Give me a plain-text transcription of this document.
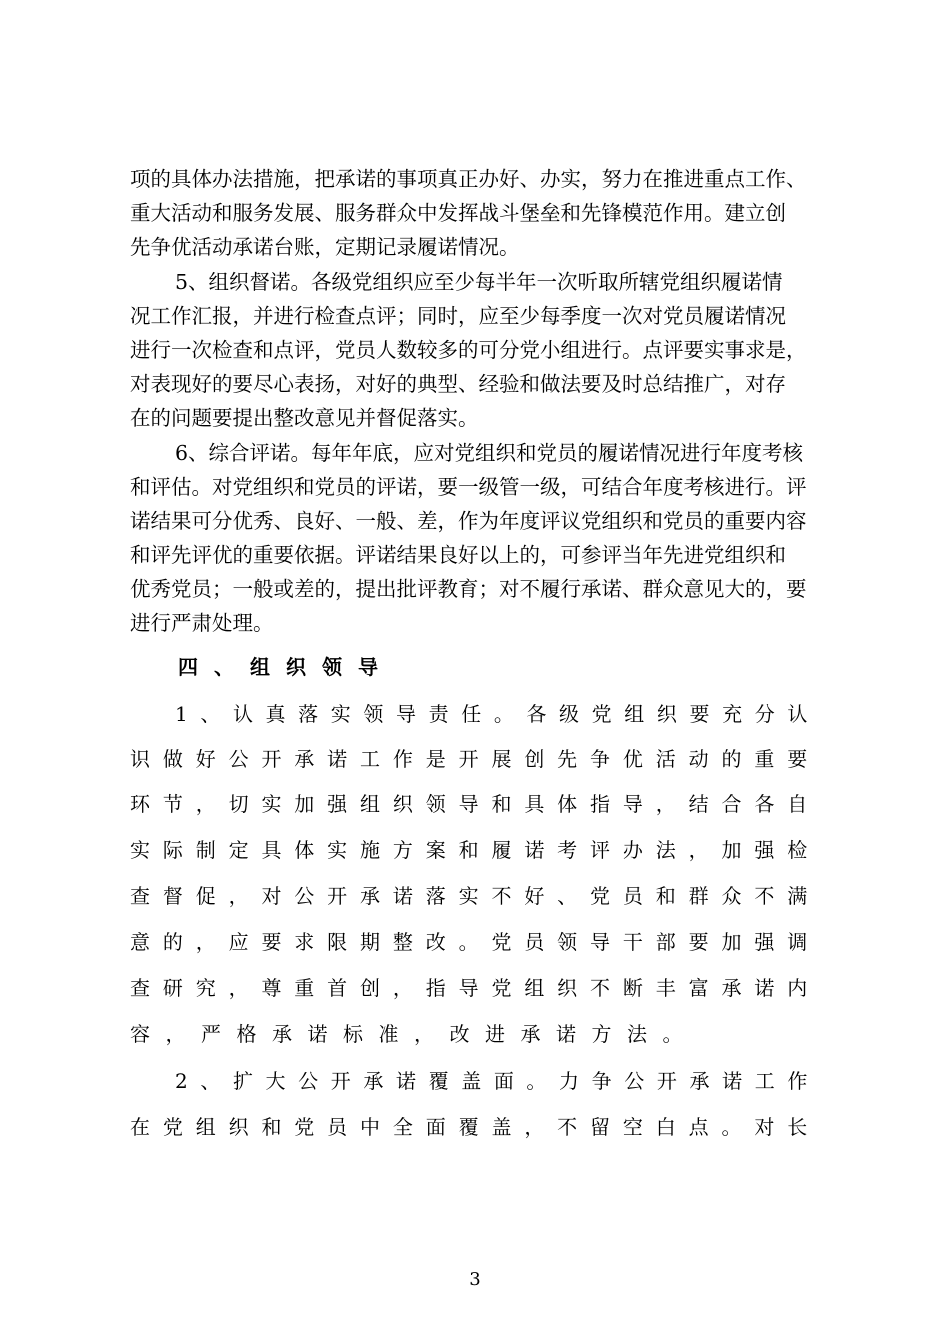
项的具体办法措施，把承诺的事项真正办好、办实，努力在推进重点工作、
重大活动和服务发展、服务群众中发挥战斗堡垒和先锋模范作用。建立创
先争优活动承诺台账，定期记录履诺情况。
5、组织督诺。各级党组织应至少每半年一次听取所辖党组织履诺情
况工作汇报，并进行检查点评；同时，应至少每季度一次对党员履诺情况
进行一次检查和点评，党员人数较多的可分党小组进行。点评要实事求是，
对表现好的要尽心表扬，对好的典型、经验和做法要及时总结推广，对存
在的问题要提出整改意见并督促落实。
6、综合评诺。每年年底，应对党组织和党员的履诺情况进行年度考核
和评估。对党组织和党员的评诺，要一级管一级，可结合年度考核进行。评
诺结果可分优秀、良好、一般、差，作为年度评议党组织和党员的重要内容
和评先评优的重要依据。评诺结果良好以上的，可参评当年先进党组织和
优秀党员；一般或差的，提出批评教育；对不履行承诺、群众意见大的，要
进行严肃处理。
四、组织领导
1、认真落实领导责任。各级党组织要充分认
识做好公开承诺工作是开展创先争优活动的重要
环节，切实加强组织领导和具体指导，结合各自
实际制定具体实施方案和履诺考评办法，加强检
查督促，对公开承诺落实不好、党员和群众不满
意的，应要求限期整改。党员领导干部要加强调
查研究，尊重首创，指导党组织不断丰富承诺内
容，严格承诺标准，改进承诺方法。
2、扩大公开承诺覆盖面。力争公开承诺工作
在党组织和党员中全面覆盖，不留空白点。对长
3
